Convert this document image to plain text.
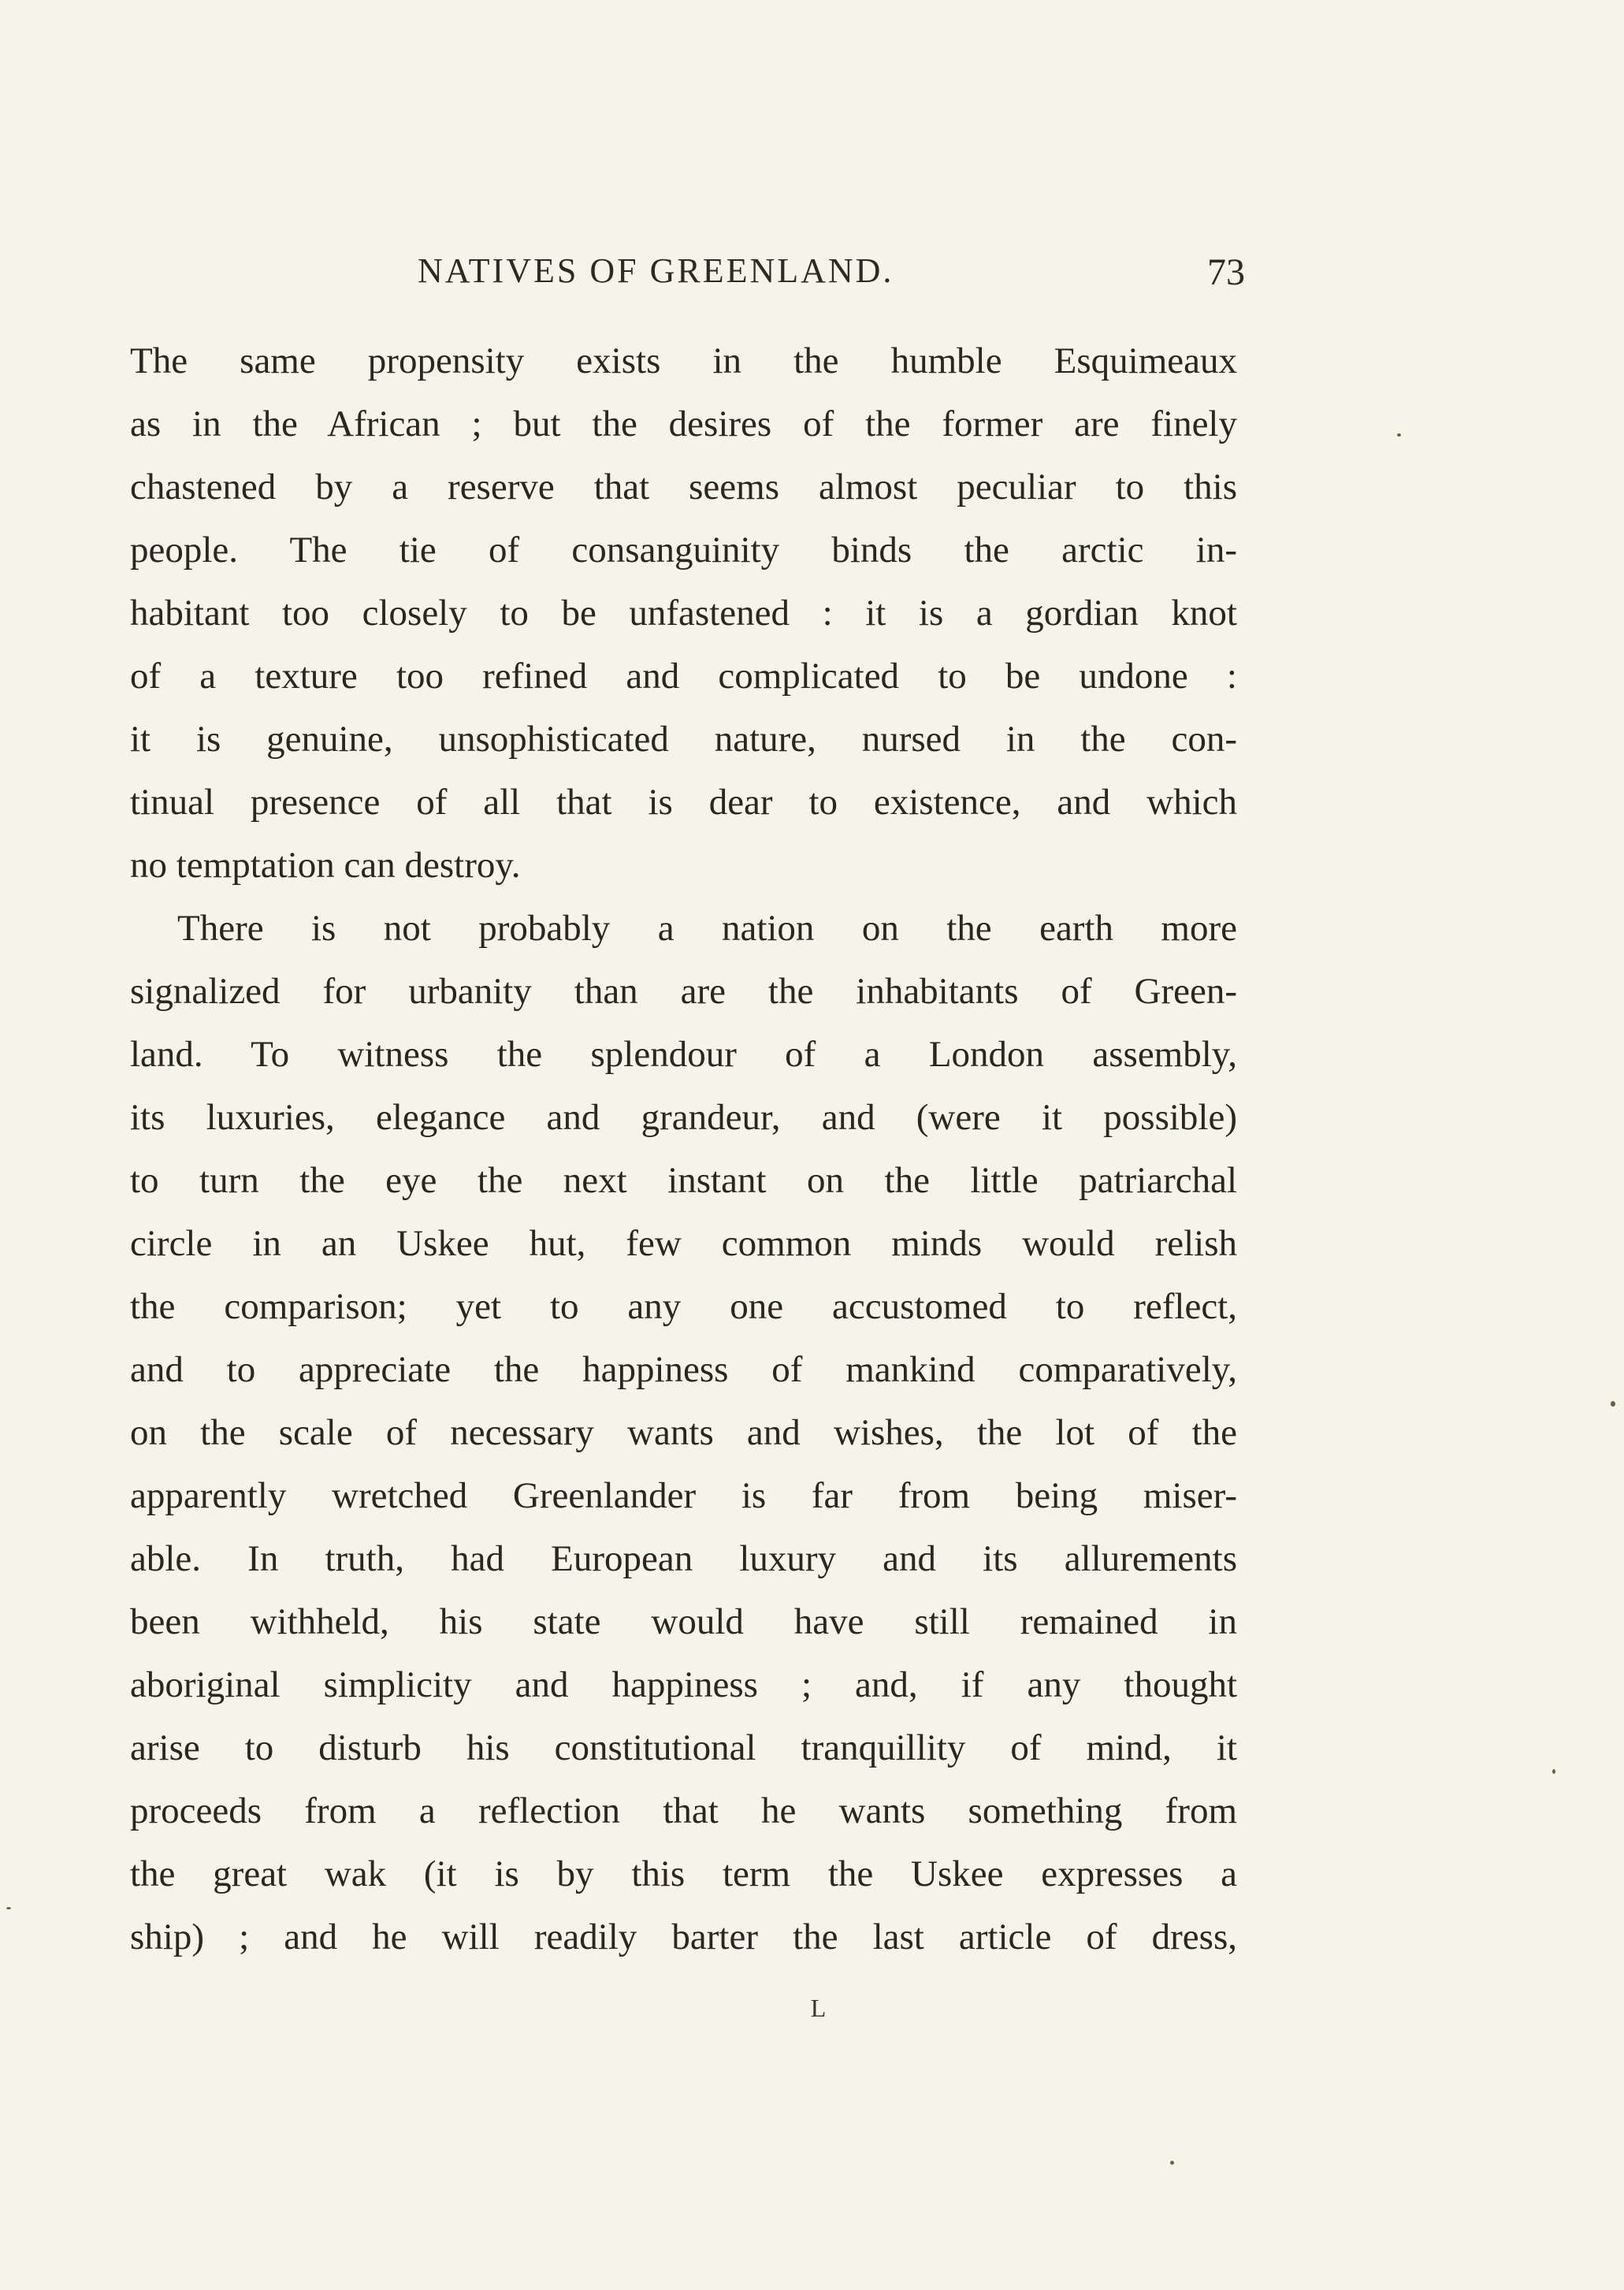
NATIVES OF GREENLAND.	73
The same propensity exists in the humble Esquimeaux
as in the African ; but the desires of the former are finely
chastened by a reserve that seems almost peculiar to this
people. The tie of consanguinity binds the arctic in-
habitant too closely to be unfastened : it is a gordian knot
of a texture too refined and complicated to be undone :
it is genuine, unsophisticated nature, nursed in the con-
tinual presence of all that is dear to existence, and which
no temptation can destroy.
There is not probably a nation on the earth more
signalized for urbanity than are the inhabitants of Green-
land. To witness the splendour of a London assembly,
its luxuries, elegance and grandeur, and (were it possible)
to turn the eye the next instant on the little patriarchal
circle in an Uskee hut, few common minds would relish
the comparison; yet to any one accustomed to reflect,
and to appreciate the happiness of mankind comparatively,
on the scale of necessary wants and wishes, the lot of the
apparently wretched Greenlander is far from being miser-
able. In truth, had European luxury and its allurements
been withheld, his state would have still remained in
aboriginal simplicity and happiness ; and, if any thought
arise to disturb his constitutional tranquillity of mind, it
proceeds from a reflection that he wants something from
the great wak (it is by this term the Uskee expresses a
ship) ; and he will readily barter the last article of dress,
L
